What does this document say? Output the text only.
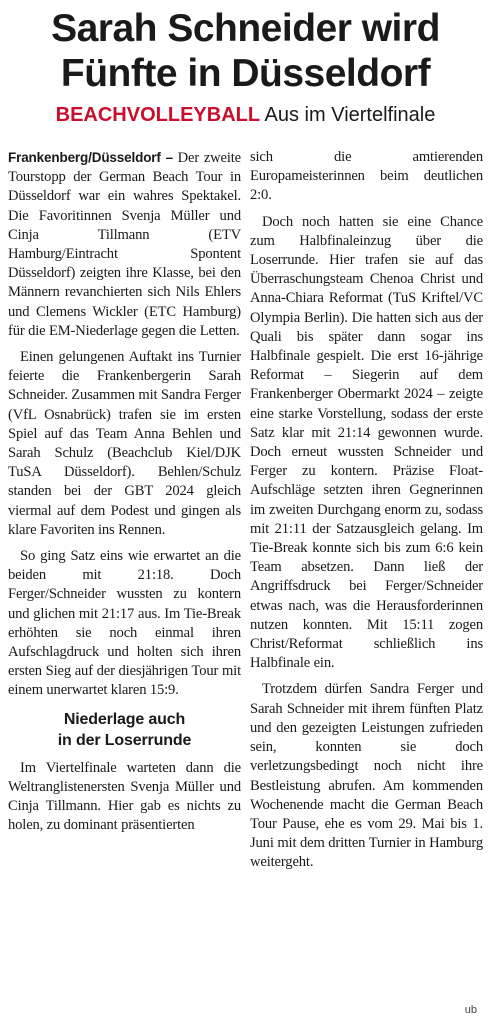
Sarah Schneider wird
Fünfte in Düsseldorf
BEACHVOLLEYBALL Aus im Viertelfinale

Frankenberg/Düsseldorf – Der zweite Tourstopp der German Beach Tour in Düsseldorf war ein wahres Spektakel. Die Favoritinnen Svenja Müller und Cinja Tillmann (ETV Hamburg/Eintracht Spontent Düsseldorf) zeigten ihre Klasse, bei den Männern revanchierten sich Nils Ehlers und Clemens Wickler (ETC Hamburg) für die EM-Niederlage gegen die Letten.

Einen gelungenen Auftakt ins Turnier feierte die Frankenbergerin Sarah Schneider. Zusammen mit Sandra Ferger (VfL Osnabrück) trafen sie im ersten Spiel auf das Team Anna Behlen und Sarah Schulz (Beachclub Kiel/DJK TuSA Düsseldorf). Behlen/Schulz standen bei der GBT 2024 gleich viermal auf dem Podest und gingen als klare Favoriten ins Rennen.

So ging Satz eins wie erwartet an die beiden mit 21:18. Doch Ferger/Schneider wussten zu kontern und glichen mit 21:17 aus. Im Tie-Break erhöhten sie noch einmal ihren Aufschlagdruck und holten sich ihren ersten Sieg auf der diesjährigen Tour mit einem unerwartet klaren 15:9.

Niederlage auch
in der Loserrunde

Im Viertelfinale warteten dann die Weltranglistenersten Svenja Müller und Cinja Tillmann. Hier gab es nichts zu holen, zu dominant präsentierten

sich die amtierenden Europameisterinnen beim deutlichen 2:0.

Doch noch hatten sie eine Chance zum Halbfinaleinzug über die Loserrunde. Hier trafen sie auf das Überraschungsteam Chenoa Christ und Anna-Chiara Reformat (TuS Kriftel/VC Olympia Berlin). Die hatten sich aus der Quali bis später dann sogar ins Halbfinale gespielt. Die erst 16-jährige Reformat – Siegerin auf dem Frankenberger Obermarkt 2024 – zeigte eine starke Vorstellung, sodass der erste Satz klar mit 21:14 gewonnen wurde. Doch erneut wussten Schneider und Ferger zu kontern. Präzise Float-Aufschläge setzten ihren Gegnerinnen im zweiten Durchgang enorm zu, sodass mit 21:11 der Satzausgleich gelang. Im Tie-Break konnte sich bis zum 6:6 kein Team absetzen. Dann ließ der Angriffsdruck bei Ferger/Schneider etwas nach, was die Herausforderinnen nutzen konnten. Mit 15:11 zogen Christ/Reformat schließlich ins Halbfinale ein.

Trotzdem dürfen Sandra Ferger und Sarah Schneider mit ihrem fünften Platz und den gezeigten Leistungen zufrieden sein, konnten sie doch verletzungsbedingt noch nicht ihre Bestleistung abrufen. Am kommenden Wochenende macht die German Beach Tour Pause, ehe es vom 29. Mai bis 1. Juni mit dem dritten Turnier in Hamburg weitergeht.

ub
